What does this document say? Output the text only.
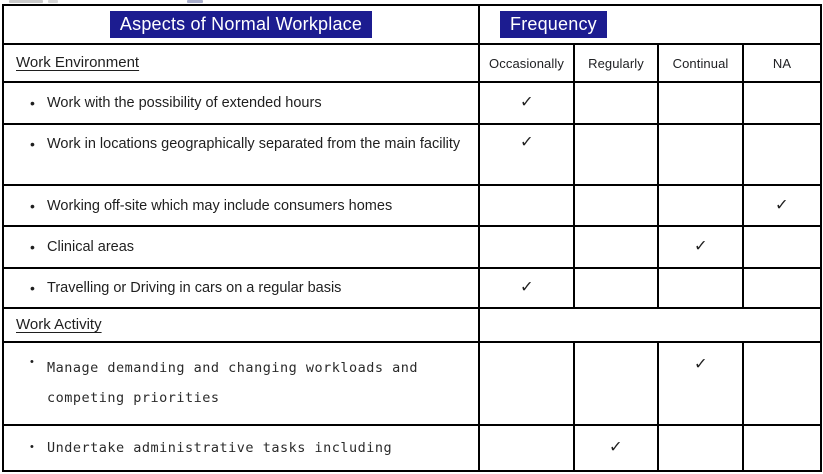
Aspects of Normal Workplace	Frequency			
Work Environment	Occasionally	Regularly	Continual	NA

• Work with the possibility of extended hours	✓			

• Work in locations geographically separated from the main facility	✓			

• Working off-site which may include consumers homes				✓

• Clinical areas			✓	

• Travelling or Driving in cars on a regular basis	✓			
Work Activity				

• Manage demanding and changing workloads and competing priorities			✓	

• Undertake administrative tasks including		✓		
